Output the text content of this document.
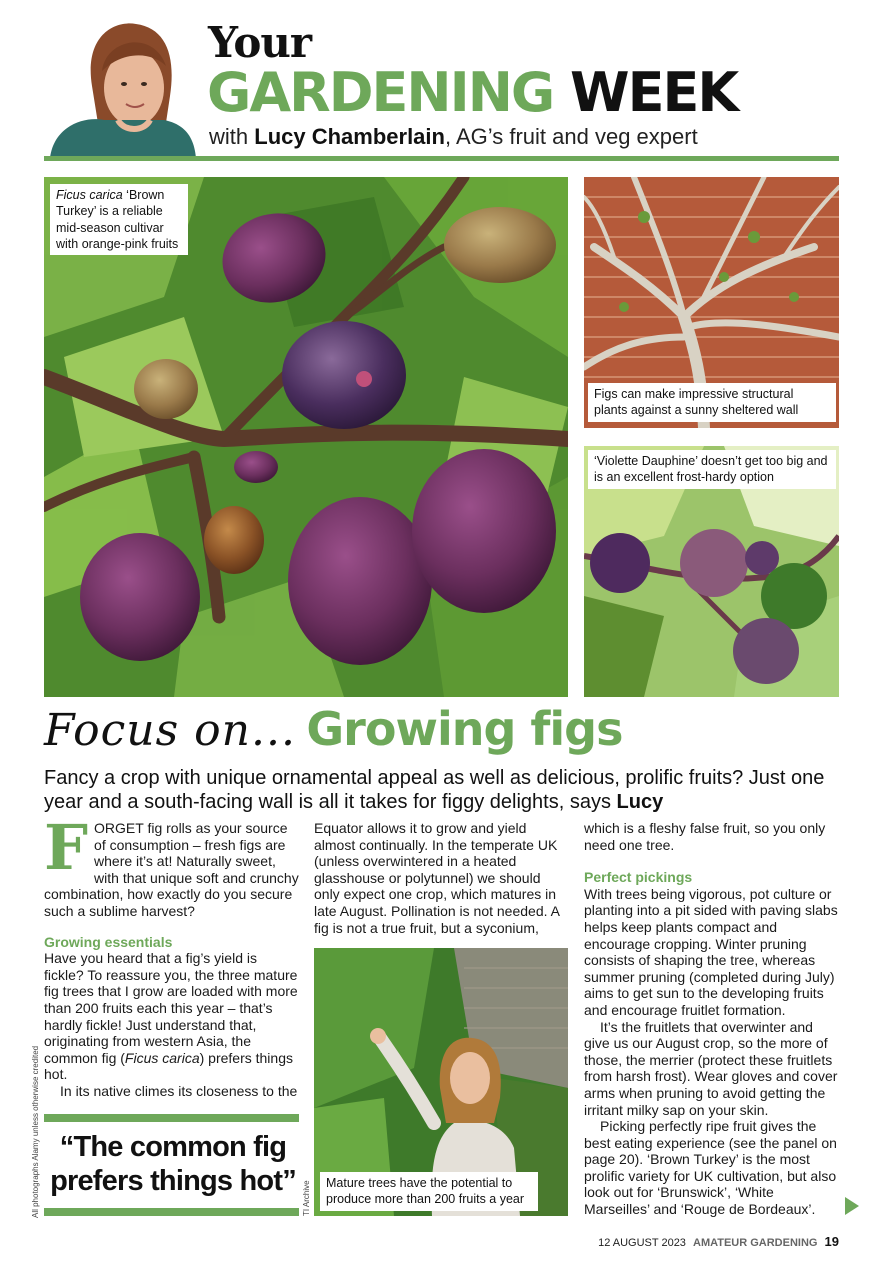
Your
GARDENING WEEK
with Lucy Chamberlain, AG’s fruit and veg expert
Ficus carica ‘Brown Turkey’ is a reliable mid-season cultivar with orange-pink fruits
Figs can make impressive structural plants against a sunny sheltered wall
‘Violette Dauphine’ doesn’t get too big and is an excellent frost-hardy option
Focus on... Growing figs
Fancy a crop with unique ornamental appeal as well as delicious, prolific fruits? Just one year and a south-facing wall is all it takes for figgy delights, says Lucy
F ORGET fig rolls as your source of consumption – fresh figs are where it’s at! Naturally sweet, with that unique soft and crunchy combination, how exactly do you secure such a sublime harvest?

Growing essentials

Have you heard that a fig’s yield is fickle? To reassure you, the three mature fig trees that I grow are loaded with more than 200 fruits each this year – that’s hardly fickle! Just understand that, originating from western Asia, the common fig (Ficus carica) prefers things hot.

In its native climes its closeness to the

“The common fig prefers things hot”

Equator allows it to grow and yield almost continually. In the temperate UK (unless overwintered in a heated glasshouse or polytunnel) we should only expect one crop, which matures in late August. Pollination is not needed. A fig is not a true fruit, but a syconium,

Mature trees have the potential to produce more than 200 fruits a year

which is a fleshy false fruit, so you only need one tree.

Perfect pickings

With trees being vigorous, pot culture or planting into a pit sided with paving slabs helps keep plants compact and encourage cropping. Winter pruning consists of shaping the tree, whereas summer pruning (completed during July) aims to get sun to the developing fruits and encourage fruitlet formation.

It’s the fruitlets that overwinter and give us our August crop, so the more of those, the merrier (protect these fruitlets from harsh frost). Wear gloves and cover arms when pruning to avoid getting the irritant milky sap on your skin.

Picking perfectly ripe fruit gives the best eating experience (see the panel on page 20). ‘Brown Turkey’ is the most prolific variety for UK cultivation, but also look out for ‘Brunswick’, ‘White Marseilles’ and ‘Rouge de Bordeaux’.

All photographs Alamy unless otherwise credited	TI Archive
12 AUGUST 2023 AMATEUR GARDENING 19
